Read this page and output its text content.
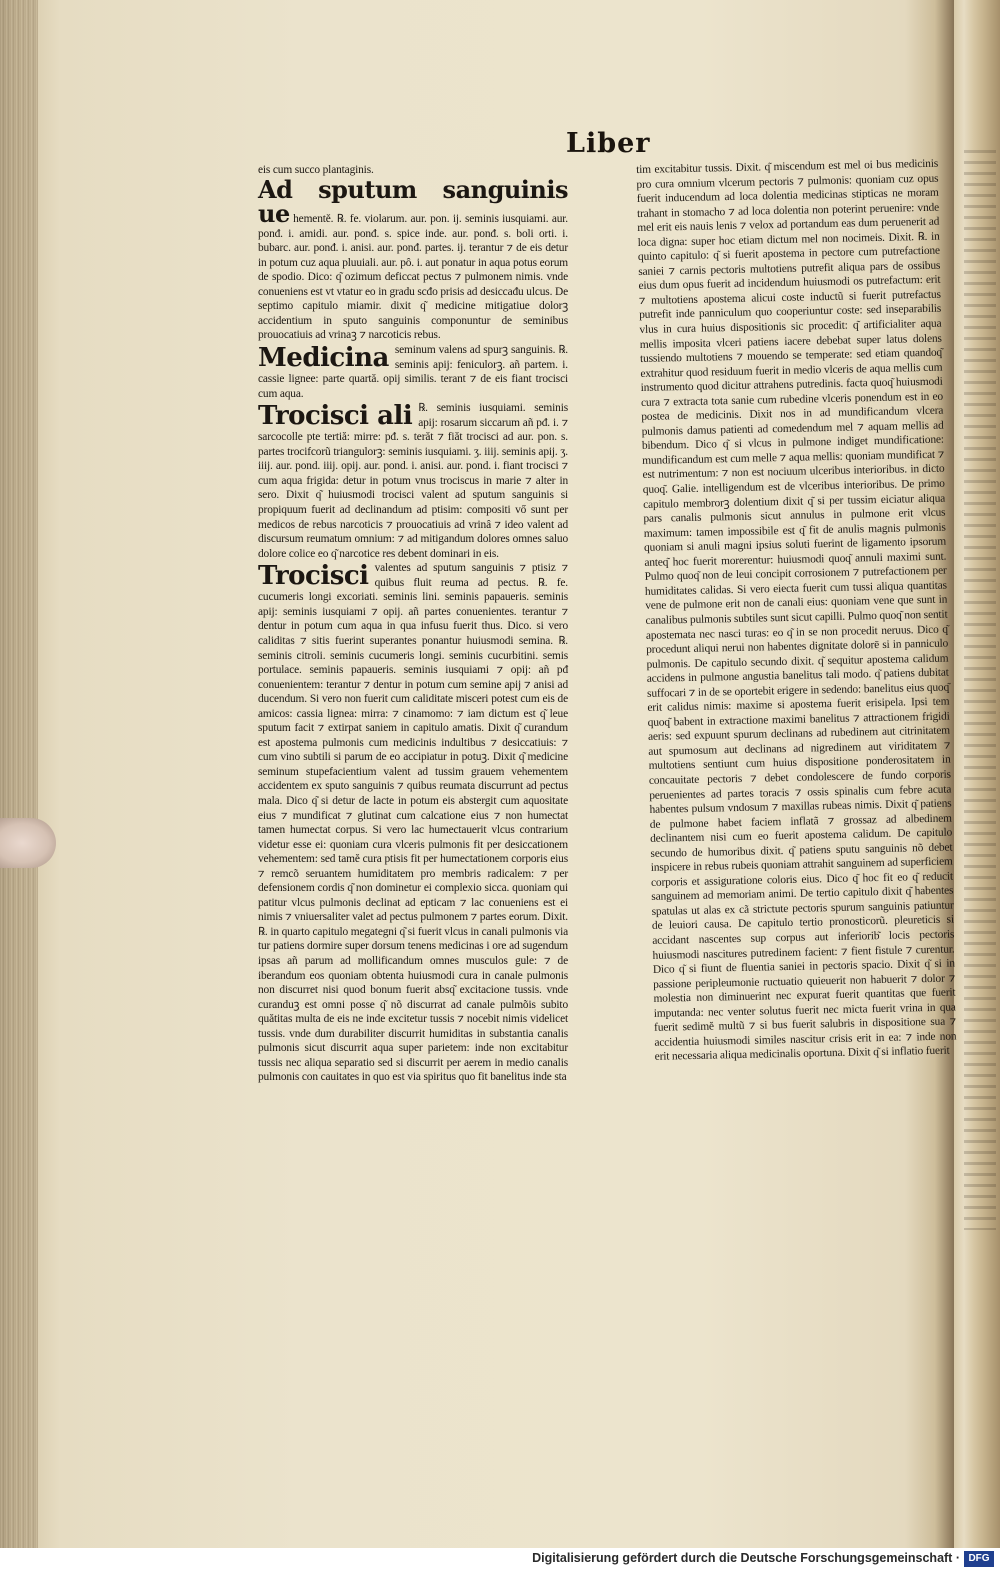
Liber

eis cum succo plantaginis.

Ad sputum sanguinis ue hementě. ℞. fe. violarum. aur. pon. ij. seminis iusquiami. aur. ponđ. i. amidi. aur. ponđ. s. spice inde. aur. ponđ. s. boli orti. i. bubarc. aur. ponđ. i. anisi. aur. ponđ. partes. ij. terantur ⁊ de eis detur in potum cuz aqua pluuiali. aur. pô. i. aut ponatur in aqua potus eorum de spodio. Dico: q͂ ozimum deficcat pectus ⁊ pulmonem nimis. vnde conueniens est vt vtatur eo in gradu scđo prisis ad desiccađu ulcus. De septimo capitulo miamir. dixit q͂ medicine mitigatiue dolorꝫ accidentium in sputo sanguinis componuntur de seminibus prouocatiuis ad vrinaꝫ ⁊ narcoticis rebus.

Medicina seminum valens ad spurꝫ sanguinis. ℞. seminis apij: feniculorꝫ. añ partem. i. cassie lignee: parte quartă. opij similis. terant ⁊ de eis fiant trocisci cum aqua.

Trocisci ali ℞. seminis iusquiami. seminis apij: rosarum siccarum añ pđ. i. ⁊ sarcocolle pte tertiă: mirre: pđ. s. terăt ⁊ fiăt trocisci ad aur. pon. s. partes trocifcorũ triangulorꝫ: seminis iusquiami. ʒ. iiij. seminis apij. ʒ. iiij. aur. pond. iiij. opij. aur. pond. i. anisi. aur. pond. i. fiant trocisci ⁊ cum aqua frigida: detur in potum vnus trociscus in marie ⁊ alter in sero. Dixit q͂ huiusmodi trocisci valent ad sputum sanguinis si propiquum fuerit ad declinandum ad ptisim: compositi vő sunt per medicos de rebus narcoticis ⁊ prouocatiuis ad vrinâ ⁊ ideo valent ad discursum reumatum omnium: ⁊ ad mitigandum dolores omnes saluo dolore colice eo q͂ narcotice res debent dominari in eis.

Trocisci valentes ad sputum sanguinis ⁊ ptisiz ⁊ quibus fluit reuma ad pectus. ℞. fe. cucumeris longi excoriati. seminis lini. seminis papaueris. seminis apij: seminis iusquiami ⁊ opij. añ partes conuenientes. terantur ⁊ dentur in potum cum aqua in qua infusu fuerit thus. Dico. si vero caliditas ⁊ sitis fuerint superantes ponantur huiusmodi semina. ℞. seminis citroli. seminis cucumeris longi. seminis cucurbitini. semis portulace. seminis papaueris. seminis iusquiami ⁊ opij: añ pđ conuenientem: terantur ⁊ dentur in potum cum semine apij ⁊ anisi ad ducendum. Si vero non fuerit cum caliditate misceri potest cum eis de amicos: cassia lignea: mirra: ⁊ cinamomo: ⁊ iam dictum est q͂ leue sputum facit ⁊ extirpat saniem in capitulo amatis. Dixit q͂ curandum est apostema pulmonis cum medicinis indultibus ⁊ desiccatiuis: ⁊ cum vino subtili si parum de eo accipiatur in potuꝫ. Dixit q͂ medicine seminum stupefacientium valent ad tussim grauem vehementem accidentem ex sputo sanguinis ⁊ quibus reumata discurrunt ad pectus mala. Dico q͂ si detur de lacte in potum eis abstergit cum aquositate eius ⁊ mundificat ⁊ glutinat cum calcatione eius ⁊ non humectat tamen humectat corpus. Si vero lac humectauerit vlcus contrarium videtur esse ei: quoniam cura vlceris pulmonis fit per desiccationem vehementem: sed tamĕ cura ptisis fit per humectationem corporis eius ⁊ remcõ seruantem humiditatem pro membris radicalem: ⁊ per defensionem cordis q͂ non dominetur ei complexio sicca. quoniam qui patitur vlcus pulmonis declinat ad epticam ⁊ lac conueniens est ei nimis ⁊ vniuersaliter valet ad pectus pulmonem ⁊ partes eorum. Dixit. ℞. in quarto capitulo megategni q͂ si fuerit vlcus in canali pulmonis via tur patiens dormire super dorsum tenens medicinas i ore ad sugendum ipsas añ parum ad mollificandum omnes musculos gule: ⁊ de iberandum eos quoniam obtenta huiusmodi cura in canale pulmonis non discurret nisi quod bonum fuerit absq͂ excitacione tussis. vnde curanduꝫ est omni posse q͂ nõ discurrat ad canale pulmõis subito quătitas multa de eis ne inde excitetur tussis ⁊ nocebit nimis videlicet tussis. vnde dum durabiliter discurrit humiditas in substantia canalis pulmonis sicut discurrit aqua super parietem: inde non excitabitur tussis nec aliqua separatio sed si discurrit per aerem in medio canalis pulmonis con cauitates in quo est via spiritus quo fit banelitus inde sta

tim excitabitur tussis. Dixit. q͂ miscendum est mel oi bus medicinis pro cura omnium vlcerum pectoris ⁊ pulmonis: quoniam cuz opus fuerit inducendum ad loca dolentia medicinas stipticas ne moram trahant in stomacho ⁊ ad loca dolentia non poterint peruenire: vnde mel erit eis nauis lenis ⁊ velox ad portandum eas dum peruenerit ad loca digna: super hoc etiam dictum mel non nocimeis. Dixit. ℞. in quinto capitulo: q͂ si fuerit apostema in pectore cum putrefactione saniei ⁊ carnis pectoris multotiens putrefit aliqua pars de ossibus eius dum opus fuerit ad incidendum huiusmodi os putrefactum: erit ⁊ multotiens apostema alicui coste inductũ si fuerit putrefactus putrefit inde panniculum quo cooperiuntur coste: sed inseparabilis vlus in cura huius dispositionis sic procedit: q͂ artificialiter aqua mellis imposita vlceri patiens iacere debebat super latus dolens tussiendo multotiens ⁊ mouendo se temperate: sed etiam quandoq͂ extrahitur quod residuum fuerit in medio vlceris de aqua mellis cum instrumento quod dicitur attrahens putredinis. facta quoq͂ huiusmodi cura ⁊ extracta tota sanie cum rubedine vlceris ponendum est in eo postea de medicinis. Dixit nos in ad mundificandum vlcera pulmonis damus patienti ad comedendum mel ⁊ aquam mellis ad bibendum. Dico q͂ si vlcus in pulmone indiget mundificatione: mundificandum est cum melle ⁊ aqua mellis: quoniam mundificat ⁊ est nutrimentum: ⁊ non est nociuum ulceribus interioribus. in dicto quoq͂. Galie. intelligendum est de vlceribus interioribus. De primo capitulo membrorꝫ dolentium dixit q͂ si per tussim eiciatur aliqua pars canalis pulmonis sicut annulus in pulmone erit vlcus maximum: tamen impossibile est q͂ fit de anulis magnis pulmonis quoniam si anuli magni ipsius soluti fuerint de ligamento ipsorum anteq͂ hoc fuerit morerentur: huiusmodi quoq͂ annuli maximi sunt. Pulmo quoq͂ non de leui concipit corrosionem ⁊ putrefactionem per humiditates calidas. Si vero eiecta fuerit cum tussi aliqua quantitas vene de pulmone erit non de canali eius: quoniam vene que sunt in canalibus pulmonis subtiles sunt sicut capilli. Pulmo quoq͂ non sentit apostemata nec nasci turas: eo q͂ in se non procedit neruus. Dico q͂ procedunt aliqui nerui non habentes dignitate dolorē si in panniculo pulmonis. De capitulo secundo dixit. q͂ sequitur apostema calidum accidens in pulmone angustia banelitus tali modo. q͂ patiens dubitat suffocari ⁊ in de se oportebit erigere in sedendo: banelitus eius quoq͂ erit calidus nimis: maxime si apostema fuerit erisipela. Ipsi tem quoq͂ babent in extractione maximi banelitus ⁊ attractionem frigidi aeris: sed expuunt spurum declinans ad rubedinem aut citrinitatem aut spumosum aut declinans ad nigredinem aut viriditatem ⁊ multotiens sentiunt cum huius dispositione ponderositatem in concauitate pectoris ⁊ debet condolescere de fundo corporis peruenientes ad partes toracis ⁊ ossis spinalis cum febre acuta habentes pulsum vndosum ⁊ maxillas rubeas nimis. Dixit q͂ patiens de pulmone habet faciem inflatã ⁊ grossaz ad albedinem declinantem nisi cum eo fuerit apostema calidum. De capitulo secundo de humoribus dixit. q͂ patiens sputu sanguinis nõ debet inspicere in rebus rubeis quoniam attrahit sanguinem ad superficiem corporis et assiguratione coloris eius. Dico q͂ hoc fit eo q͂ reducit sanguinem ad memoriam animi. De tertio capitulo dixit q͂ habentes spatulas ut alas ex cã strictute pectoris spurum sanguinis patiuntur de leuiori causa. De capitulo tertio pronosticorũ. pleureticis si accidant nascentes sup corpus aut inferiorib͂ locis pectoris huiusmodi nascitures putredinem facient: ⁊ fient fistule ⁊ curentur. Dico q͂ si fiunt de fluentia saniei in pectoris spacio. Dixit q͂ si in passione peripleumonie ructuatio quieuerit non habuerit ⁊ dolor ⁊ molestia non diminuerint nec expurat fuerit quantitas que fuerit imputanda: nec venter solutus fuerit nec micta fuerit vrina in qua fuerit sedimĕ multũ ⁊ si bus fuerit salubris in dispositione sua ⁊ accidentia huiusmodi similes nascitur crisis erit in ea: ⁊ inde non erit necessaria aliqua medicinalis oportuna. Dixit q͂ si inflatio fuerit

Digitalisierung gefördert durch die Deutsche Forschungsgemeinschaft · DFG
